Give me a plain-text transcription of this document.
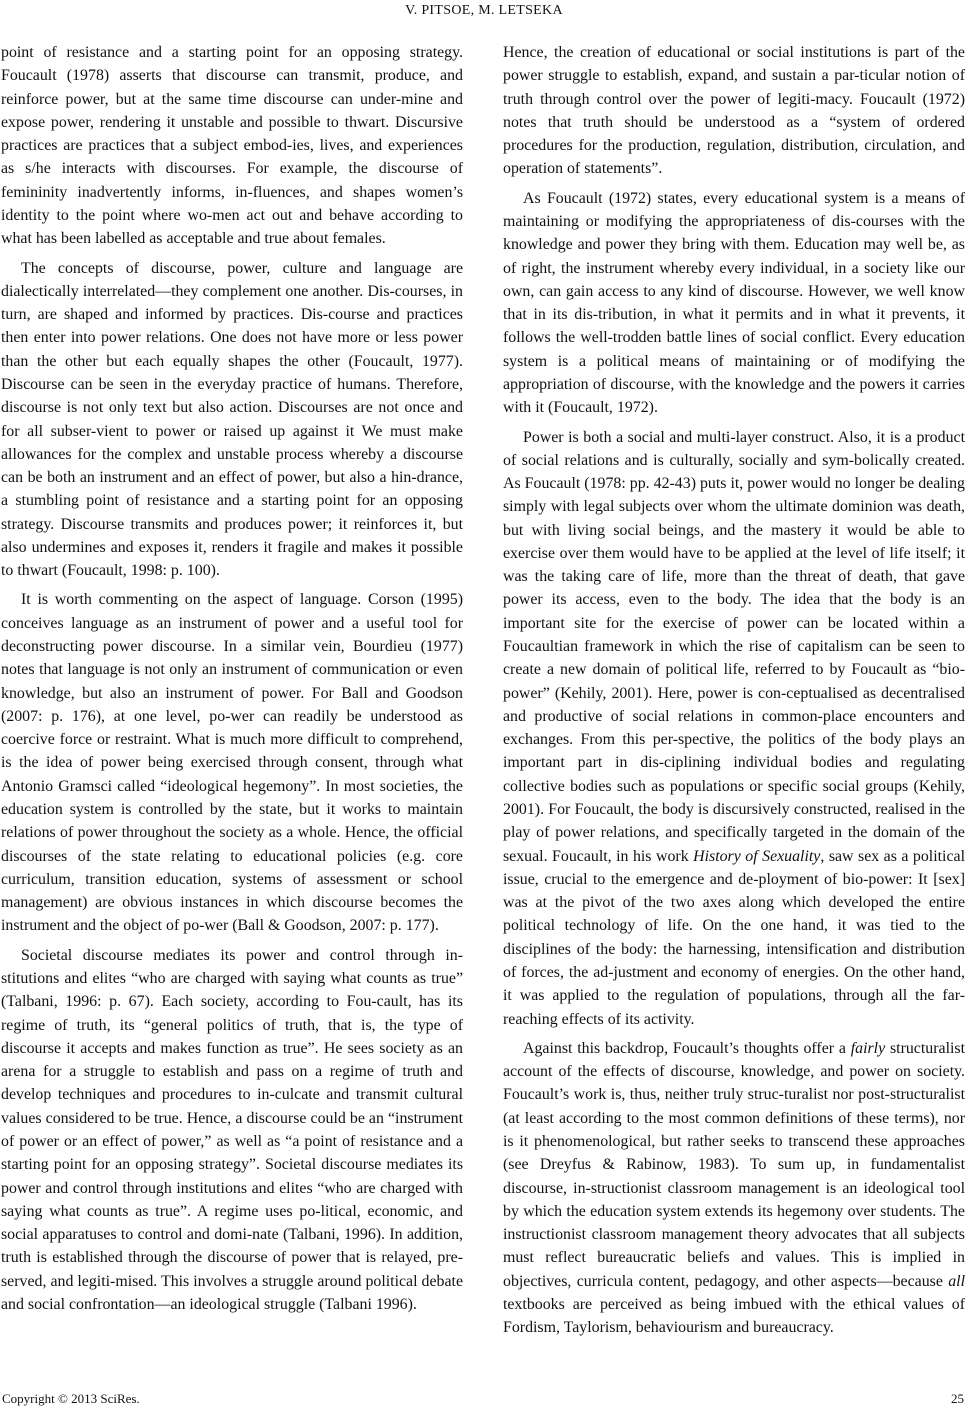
V. PITSOE, M. LETSEKA

point of resistance and a starting point for an opposing strategy. Foucault (1978) asserts that discourse can transmit, produce, and reinforce power, but at the same time discourse can under-mine and expose power, rendering it unstable and possible to thwart. Discursive practices are practices that a subject embod-ies, lives, and experiences as s/he interacts with discourses. For example, the discourse of femininity inadvertently informs, in-fluences, and shapes women’s identity to the point where wo-men act out and behave according to what has been labelled as acceptable and true about females.

The concepts of discourse, power, culture and language are dialectically interrelated—they complement one another. Dis-courses, in turn, are shaped and informed by practices. Dis-course and practices then enter into power relations. One does not have more or less power than the other but each equally shapes the other (Foucault, 1977). Discourse can be seen in the everyday practice of humans. Therefore, discourse is not only text but also action. Discourses are not once and for all subser-vient to power or raised up against it We must make allowances for the complex and unstable process whereby a discourse can be both an instrument and an effect of power, but also a hin-drance, a stumbling point of resistance and a starting point for an opposing strategy. Discourse transmits and produces power; it reinforces it, but also undermines and exposes it, renders it fragile and makes it possible to thwart (Foucault, 1998: p. 100).

It is worth commenting on the aspect of language. Corson (1995) conceives language as an instrument of power and a useful tool for deconstructing power discourse. In a similar vein, Bourdieu (1977) notes that language is not only an instrument of communication or even knowledge, but also an instrument of power. For Ball and Goodson (2007: p. 176), at one level, po-wer can readily be understood as coercive force or restraint. What is much more difficult to comprehend, is the idea of power being exercised through consent, through what Antonio Gramsci called “ideological hegemony”. In most societies, the education system is controlled by the state, but it works to maintain relations of power throughout the society as a whole. Hence, the official discourses of the state relating to educational policies (e.g. core curriculum, transition education, systems of assessment or school management) are obvious instances in which discourse becomes the instrument and the object of po-wer (Ball & Goodson, 2007: p. 177).

Societal discourse mediates its power and control through in-stitutions and elites “who are charged with saying what counts as true” (Talbani, 1996: p. 67). Each society, according to Fou-cault, has its regime of truth, its “general politics of truth, that is, the type of discourse it accepts and makes function as true”. He sees society as an arena for a struggle to establish and pass on a regime of truth and develop techniques and procedures to in-culcate and transmit cultural values considered to be true. Hence, a discourse could be an “instrument of power or an effect of power,” as well as “a point of resistance and a starting point for an opposing strategy”. Societal discourse mediates its power and control through institutions and elites “who are charged with saying what counts as true”. A regime uses po-litical, economic, and social apparatuses to control and domi-nate (Talbani, 1996). In addition, truth is established through the discourse of power that is relayed, pre-served, and legiti-mised. This involves a struggle around political debate and social confrontation—an ideological struggle (Talbani 1996).

Hence, the creation of educational or social institutions is part of the power struggle to establish, expand, and sustain a par-ticular notion of truth through control over the power of legiti-macy. Foucault (1972) notes that truth should be understood as a “system of ordered procedures for the production, regulation, distribution, circulation, and operation of statements”.

As Foucault (1972) states, every educational system is a means of maintaining or modifying the appropriateness of dis-courses with the knowledge and power they bring with them. Education may well be, as of right, the instrument whereby every individual, in a society like our own, can gain access to any kind of discourse. However, we well know that in its dis-tribution, in what it permits and in what it prevents, it follows the well-trodden battle lines of social conflict. Every education system is a political means of maintaining or of modifying the appropriation of discourse, with the knowledge and the powers it carries with it (Foucault, 1972).

Power is both a social and multi-layer construct. Also, it is a product of social relations and is culturally, socially and sym-bolically created. As Foucault (1978: pp. 42-43) puts it, power would no longer be dealing simply with legal subjects over whom the ultimate dominion was death, but with living social beings, and the mastery it would be able to exercise over them would have to be applied at the level of life itself; it was the taking care of life, more than the threat of death, that gave power its access, even to the body. The idea that the body is an important site for the exercise of power can be located within a Foucaultian framework in which the rise of capitalism can be seen to create a new domain of political life, referred to by Foucault as “bio-power” (Kehily, 2001). Here, power is con-ceptualised as decentralised and productive of social relations in common-place encounters and exchanges. From this per-spective, the politics of the body plays an important part in dis-ciplining individual bodies and regulating collective bodies such as populations or specific social groups (Kehily, 2001). For Foucault, the body is discursively constructed, realised in the play of power relations, and specifically targeted in the domain of the sexual. Foucault, in his work History of Sexuality, saw sex as a political issue, crucial to the emergence and de-ployment of bio-power: It [sex] was at the pivot of the two axes along which developed the entire political technology of life. On the one hand, it was tied to the disciplines of the body: the harnessing, intensification and distribution of forces, the ad-justment and economy of energies. On the other hand, it was applied to the regulation of populations, through all the far-reaching effects of its activity.

Against this backdrop, Foucault’s thoughts offer a fairly structuralist account of the effects of discourse, knowledge, and power on society. Foucault’s work is, thus, neither truly struc-turalist nor post-structuralist (at least according to the most common definitions of these terms), nor is it phenomenological, but rather seeks to transcend these approaches (see Dreyfus & Rabinow, 1983). To sum up, in fundamentalist discourse, in-structionist classroom management is an ideological tool by which the education system extends its hegemony over students. The instructionist classroom management theory advocates that all subjects must reflect bureaucratic beliefs and values. This is implied in objectives, curricula content, pedagogy, and other aspects—because all textbooks are perceived as being imbued with the ethical values of Fordism, Taylorism, behaviourism and bureaucracy.

Copyright © 2013 SciRes.	25
